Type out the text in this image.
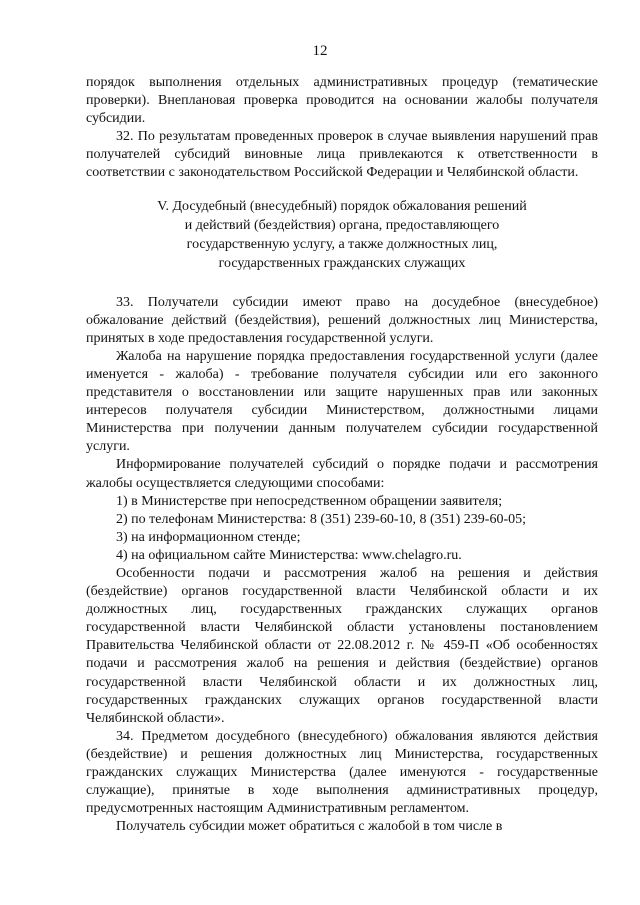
12

порядок выполнения отдельных административных процедур (тематические проверки). Внеплановая проверка проводится на основании жалобы получателя субсидии.

32. По результатам проведенных проверок в случае выявления нарушений прав получателей субсидий виновные лица привлекаются к ответственности в соответствии с законодательством Российской Федерации и Челябинской области.

V. Досудебный (внесудебный) порядок обжалования решений
и действий (бездействия) органа, предоставляющего
государственную услугу, а также должностных лиц,
государственных гражданских служащих

33. Получатели субсидии имеют право на досудебное (внесудебное) обжалование действий (бездействия), решений должностных лиц Министерства, принятых в ходе предоставления государственной услуги.

Жалоба на нарушение порядка предоставления государственной услуги (далее именуется - жалоба) - требование получателя субсидии или его законного представителя о восстановлении или защите нарушенных прав или законных интересов получателя субсидии Министерством, должностными лицами Министерства при получении данным получателем субсидии государственной услуги.

Информирование получателей субсидий о порядке подачи и рассмотрения жалобы осуществляется следующими способами:

1) в Министерстве при непосредственном обращении заявителя;

2) по телефонам Министерства: 8 (351) 239-60-10, 8 (351) 239-60-05;

3) на информационном стенде;

4) на официальном сайте Министерства: www.chelagro.ru.

Особенности подачи и рассмотрения жалоб на решения и действия (бездействие) органов государственной власти Челябинской области и их должностных лиц, государственных гражданских служащих органов государственной власти Челябинской области установлены постановлением Правительства Челябинской области от 22.08.2012 г. № 459-П «Об особенностях подачи и рассмотрения жалоб на решения и действия (бездействие) органов государственной власти Челябинской области и их должностных лиц, государственных гражданских служащих органов государственной власти Челябинской области».

34. Предметом досудебного (внесудебного) обжалования являются действия (бездействие) и решения должностных лиц Министерства, государственных гражданских служащих Министерства (далее именуются - государственные служащие), принятые в ходе выполнения административных процедур, предусмотренных настоящим Административным регламентом.

Получатель субсидии может обратиться с жалобой в том числе в
